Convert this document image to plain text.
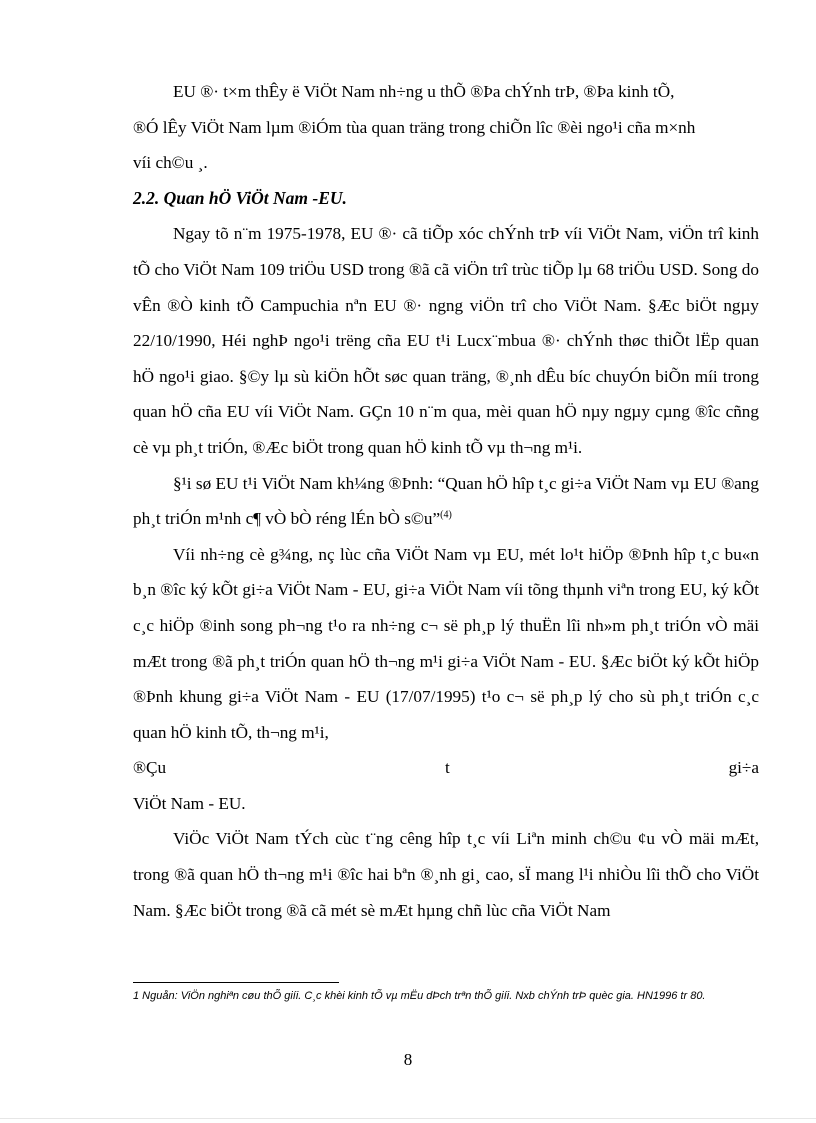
EU ®· t×m thÊy ë ViÖt Nam nh÷ng u thÕ ®Þa chÝnh trÞ, ®Þa kinh tÕ,

®Ó lÊy ViÖt Nam lµm ®iÓm tùa quan träng trong chiÕn lîc ®èi ngo¹i cña m×nh

víi ch©u ¸.

2.2. Quan hÖ ViÖt Nam -EU.

Ngay tõ n¨m 1975-1978, EU ®· cã tiÕp xóc chÝnh trÞ víi ViÖt Nam, viÖn trî kinh tÕ cho ViÖt Nam 109 triÖu USD trong ®ã cã viÖn trî trùc tiÕp lµ 68 triÖu USD. Song do vÊn ®Ò kinh tÕ Campuchia nªn EU ®· ngng viÖn trî cho ViÖt Nam. §Æc biÖt ngµy 22/10/1990, Héi nghÞ ngo¹i trëng cña EU t¹i Lucx¨mbua ®· chÝnh thøc thiÕt lËp quan hÖ ngo¹i giao. §©y lµ sù kiÖn hÕt søc quan träng, ®¸nh dÊu bíc chuyÓn biÕn míi trong quan hÖ cña EU víi ViÖt Nam. GÇn 10 n¨m qua, mèi quan hÖ nµy ngµy cµng ®îc cñng cè vµ ph¸t triÓn, ®Æc biÖt trong quan hÖ kinh tÕ vµ th¬ng m¹i.

§¹i sø EU t¹i ViÖt Nam kh¼ng ®Þnh: “Quan hÖ hîp t¸c gi÷a ViÖt Nam vµ EU ®ang ph¸t triÓn m¹nh c¶ vÒ bÒ réng lÉn bÒ s©u”$^{(4)}$

Víi nh÷ng cè g¾ng, nç lùc cña ViÖt Nam vµ EU, mét lo¹t hiÖp ®Þnh hîp t¸c bu«n b¸n ®îc ký kÕt gi÷a ViÖt Nam - EU, gi÷a ViÖt Nam víi tõng thµnh viªn trong EU, ký kÕt c¸c hiÖp ®inh song ph¬ng t¹o ra nh÷ng c¬ së ph¸p lý thuËn lîi nh»m ph¸t triÓn vÒ mäi mÆt trong ®ã ph¸t triÓn quan hÖ th¬ng m¹i gi÷a ViÖt Nam - EU. §Æc biÖt ký kÕt hiÖp ®Þnh khung gi÷a ViÖt Nam - EU (17/07/1995) t¹o c¬ së ph¸p lý cho sù ph¸t triÓn c¸c quan hÖ kinh tÕ, th¬ng m¹i,

®Çu	t	gi÷a

ViÖt Nam - EU.

ViÖc ViÖt Nam tÝch cùc t¨ng cêng hîp t¸c víi Liªn minh ch©u ¢u vÒ mäi mÆt, trong ®ã quan hÖ th¬ng m¹i ®îc hai bªn ®¸nh gi¸ cao, sÏ mang l¹i nhiÒu lîi thÕ cho ViÖt Nam. §Æc biÖt trong ®ã cã mét sè mÆt hµng chñ lùc cña ViÖt Nam

1 Nguån: ViÖn nghiªn cøu thÕ giíi. C¸c khèi kinh tÕ vµ mËu dÞch trªn thÕ giíi. Nxb chÝnh trÞ quèc gia. HN1996 tr 80.
8
